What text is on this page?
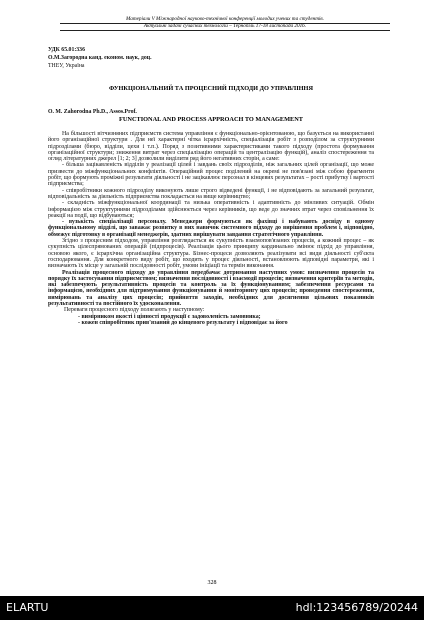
Матеріали V Міжнародної науково-технічної конференції молодих учених та студентів.
Актуальні задачі сучасних технологій – Тернопіль 17-18 листопада 2016.
УДК 65.01:336
О.М.Загородна канд. економ. наук, доц.
ТНЕУ, Україна
ФУНКЦІОНАЛЬНИЙ ТА ПРОЦЕСНИЙ ПІДХОДИ ДО УПРАВЛІННЯ
O. M. Zahorodna Ph.D., Assos.Prof.
FUNCTIONAL AND PROCESS APPROACH TO MANAGEMENT

На більшості вітчизняних підприємств система управління є функціонально-орієнтованою, що базується на використанні його організаційної структури . Для неї характерні чітка ієрархічність, спеціалізація робіт з розподілом за структурними підрозділами (бюро, відділи, цехи і т.п.). Поряд з позитивними характеристиками такого підходу (простота формування організаційної структури; зниження витрат через спеціалізацію операцій та централізацію функцій), аналіз спостереження та огляд літературних джерел [1; 2; 3] дозволили виділити ряд його негативних сторін, а саме:

- більша зацікавленість відділів у реалізації цілей і завдань своїх підрозділів, ніж загальних цілей організації, що може призвести до міжфункціональних конфліктів. Операційний процес поділений на окремі не пов'язані між собою фрагменти робіт, що формують проміжні результати діяльності і не зацікавлює персонал в кінцевих результатах – рості прибутку і вартості підприємства;

- співробітники кожного підрозділу виконують лише строго відведені функції, і не відповідають за загальний результат, відповідальність за діяльність підприємства покладається на вище керівництво;

- складність міжфункціональної координації та низька оперативність і адаптивність до мінливих ситуацій. Обмін інформацією між структурними підрозділами здійснюється через керівників, що веде до значних втрат через сповільнення їх реакції на події, що відбуваються;

- вузькість спеціалізації персоналу. Менеджери формуються як фахівці і набувають досвіду в одному функціональному відділі, що заважає розвитку в них навичок системного підходу до вирішення проблем і, відповідно, обмежує підготовку в організації менеджерів, здатних вирішувати завдання стратегічного управління.

Згідно з процесним підходом, управління розглядається як сукупність взаємопов'язаних процесів, а кожний процес – як сукупність цілеспрямованих операцій (підпроцесів). Реалізація цього принципу кардинально змінює підхід до управління, основою якого, є ієрархічна організаційна структура. Бізнес-процеси дозволяють реалізувати всі види діяльності суб'єкта господарювання. Для конкретного виду робіт, що входить у процес діяльності, встановлюють відповідні параметри, які і визначають їх місце у загальній послідовності робіт, умови ініціації та термін виконання.

Реалізація процесного підходу до управління передбачає дотримання наступних умов: визначення процесів та порядку їх застосування підприємством; визначення послідовності і взаємодії процесів; визначення критеріїв та методів, які забезпечують результативність процесів та контроль за їх функціонуванням; забезпечення ресурсами та інформацією, необхідних для підтримування функціонування й моніторингу цих процесів; проведення спостереження, вимірювань та аналізу цих процесів; прийняття заходів, необхідних для досягнення цільових показників результативності та постійного їх удосконалення.

Переваги процесного підходу полягають у наступному:

- вимірником якості і цінності продукції є задоволеність замовника;

- кожен співробітник прив'язаний до кінцевого результату і відповідає за його

328
ELARTU	hdl:123456789/20244
